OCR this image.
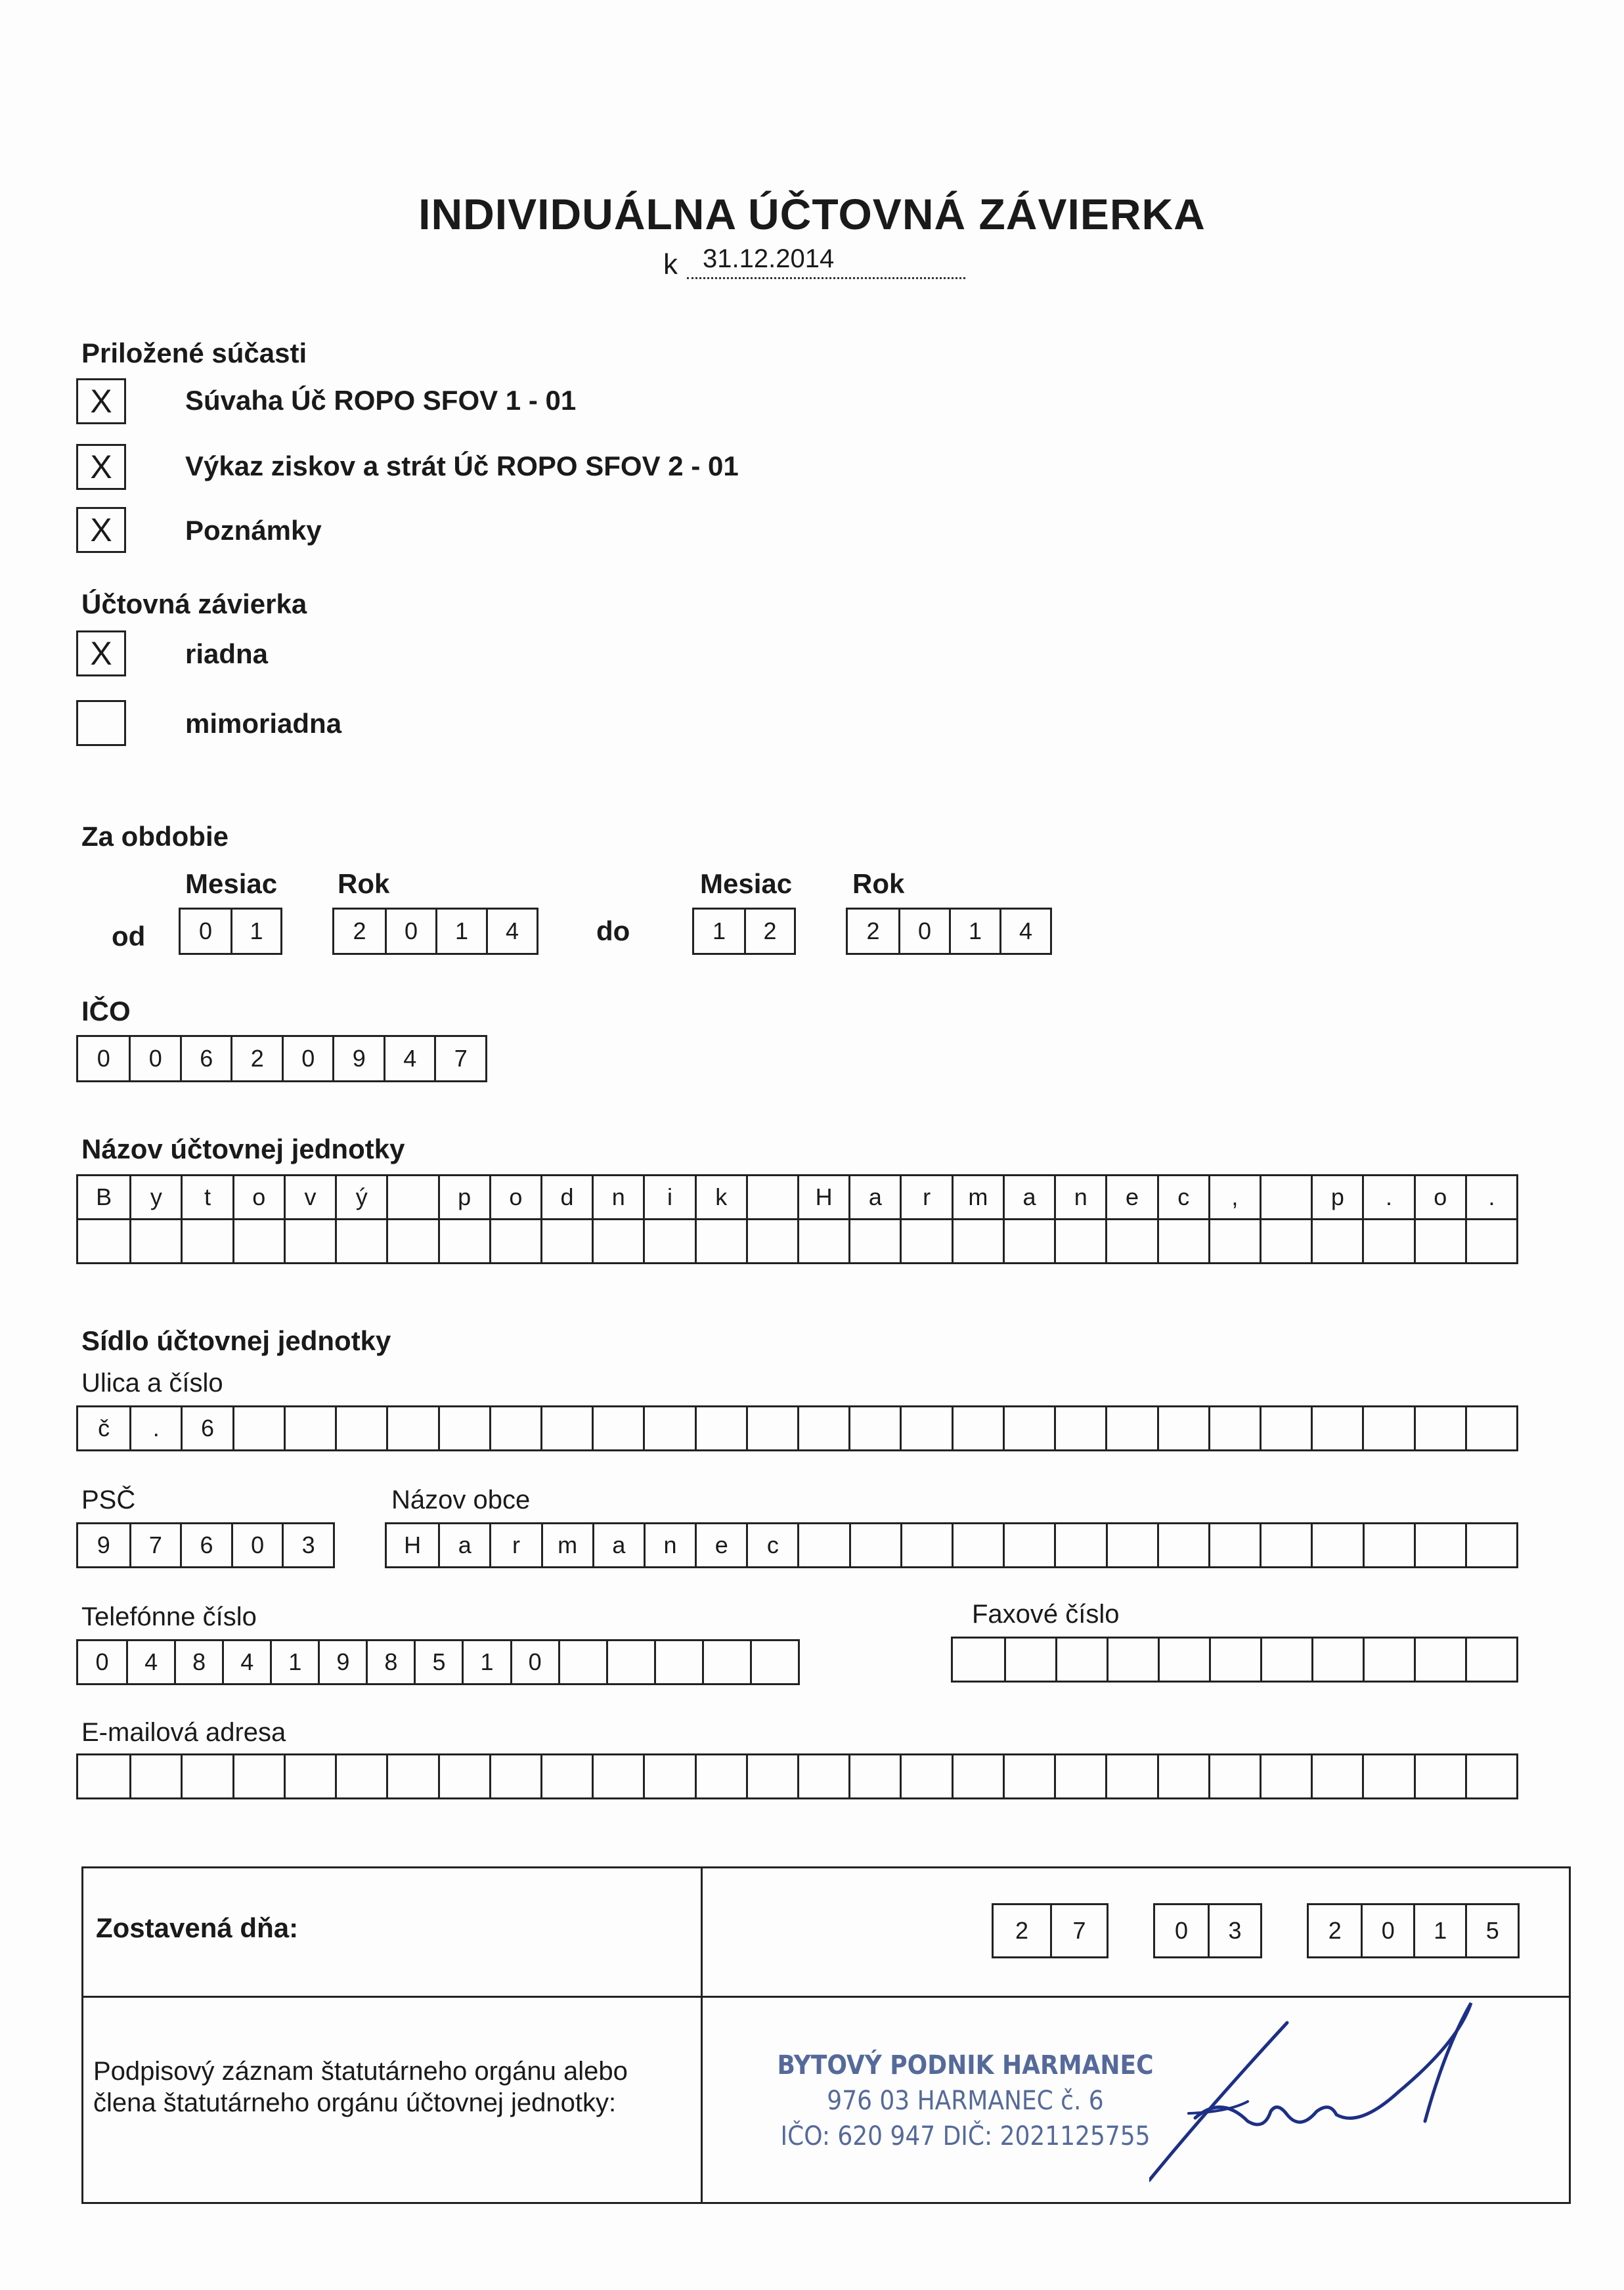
INDIVIDUÁLNA ÚČTOVNÁ ZÁVIERKA
k 31.12.2014
Priložené súčasti
X	Súvaha Úč ROPO SFOV 1 - 01
X	Výkaz ziskov a strát Úč ROPO SFOV 2 - 01
X	Poznámky
Účtovná závierka
X	riadna
mimoriadna
Za obdobie
Mesiac Rok	Mesiac Rok
od	0	1	2	0	1	4	do	1	2	2	0	1	4
IČO
0	0	6	2	0	9	4	7
Názov účtovnej jednotky
B	y	t	o	v	ý	p	o	d	n	i	k	H	a	r	m	a	n	e	c	,	p	.	o	.
Sídlo účtovnej jednotky
Ulica a číslo
č	.	6
PSČ
9	7	6	0	3
Názov obce
H	a	r	m	a	n	e	c
Telefónne číslo
0	4	8	4	1	9	8	5	1	0
Faxové číslo
E-mailová adresa
Zostavená dňa:	2	7	0	3	2	0	1	5
Podpisový záznam štatutárneho orgánu alebo
člena štatutárneho orgánu účtovnej jednotky:
BYTOVÝ PODNIK HARMANEC
976 03 HARMANEC č. 6
IČO: 620 947 DIČ: 2021125755
